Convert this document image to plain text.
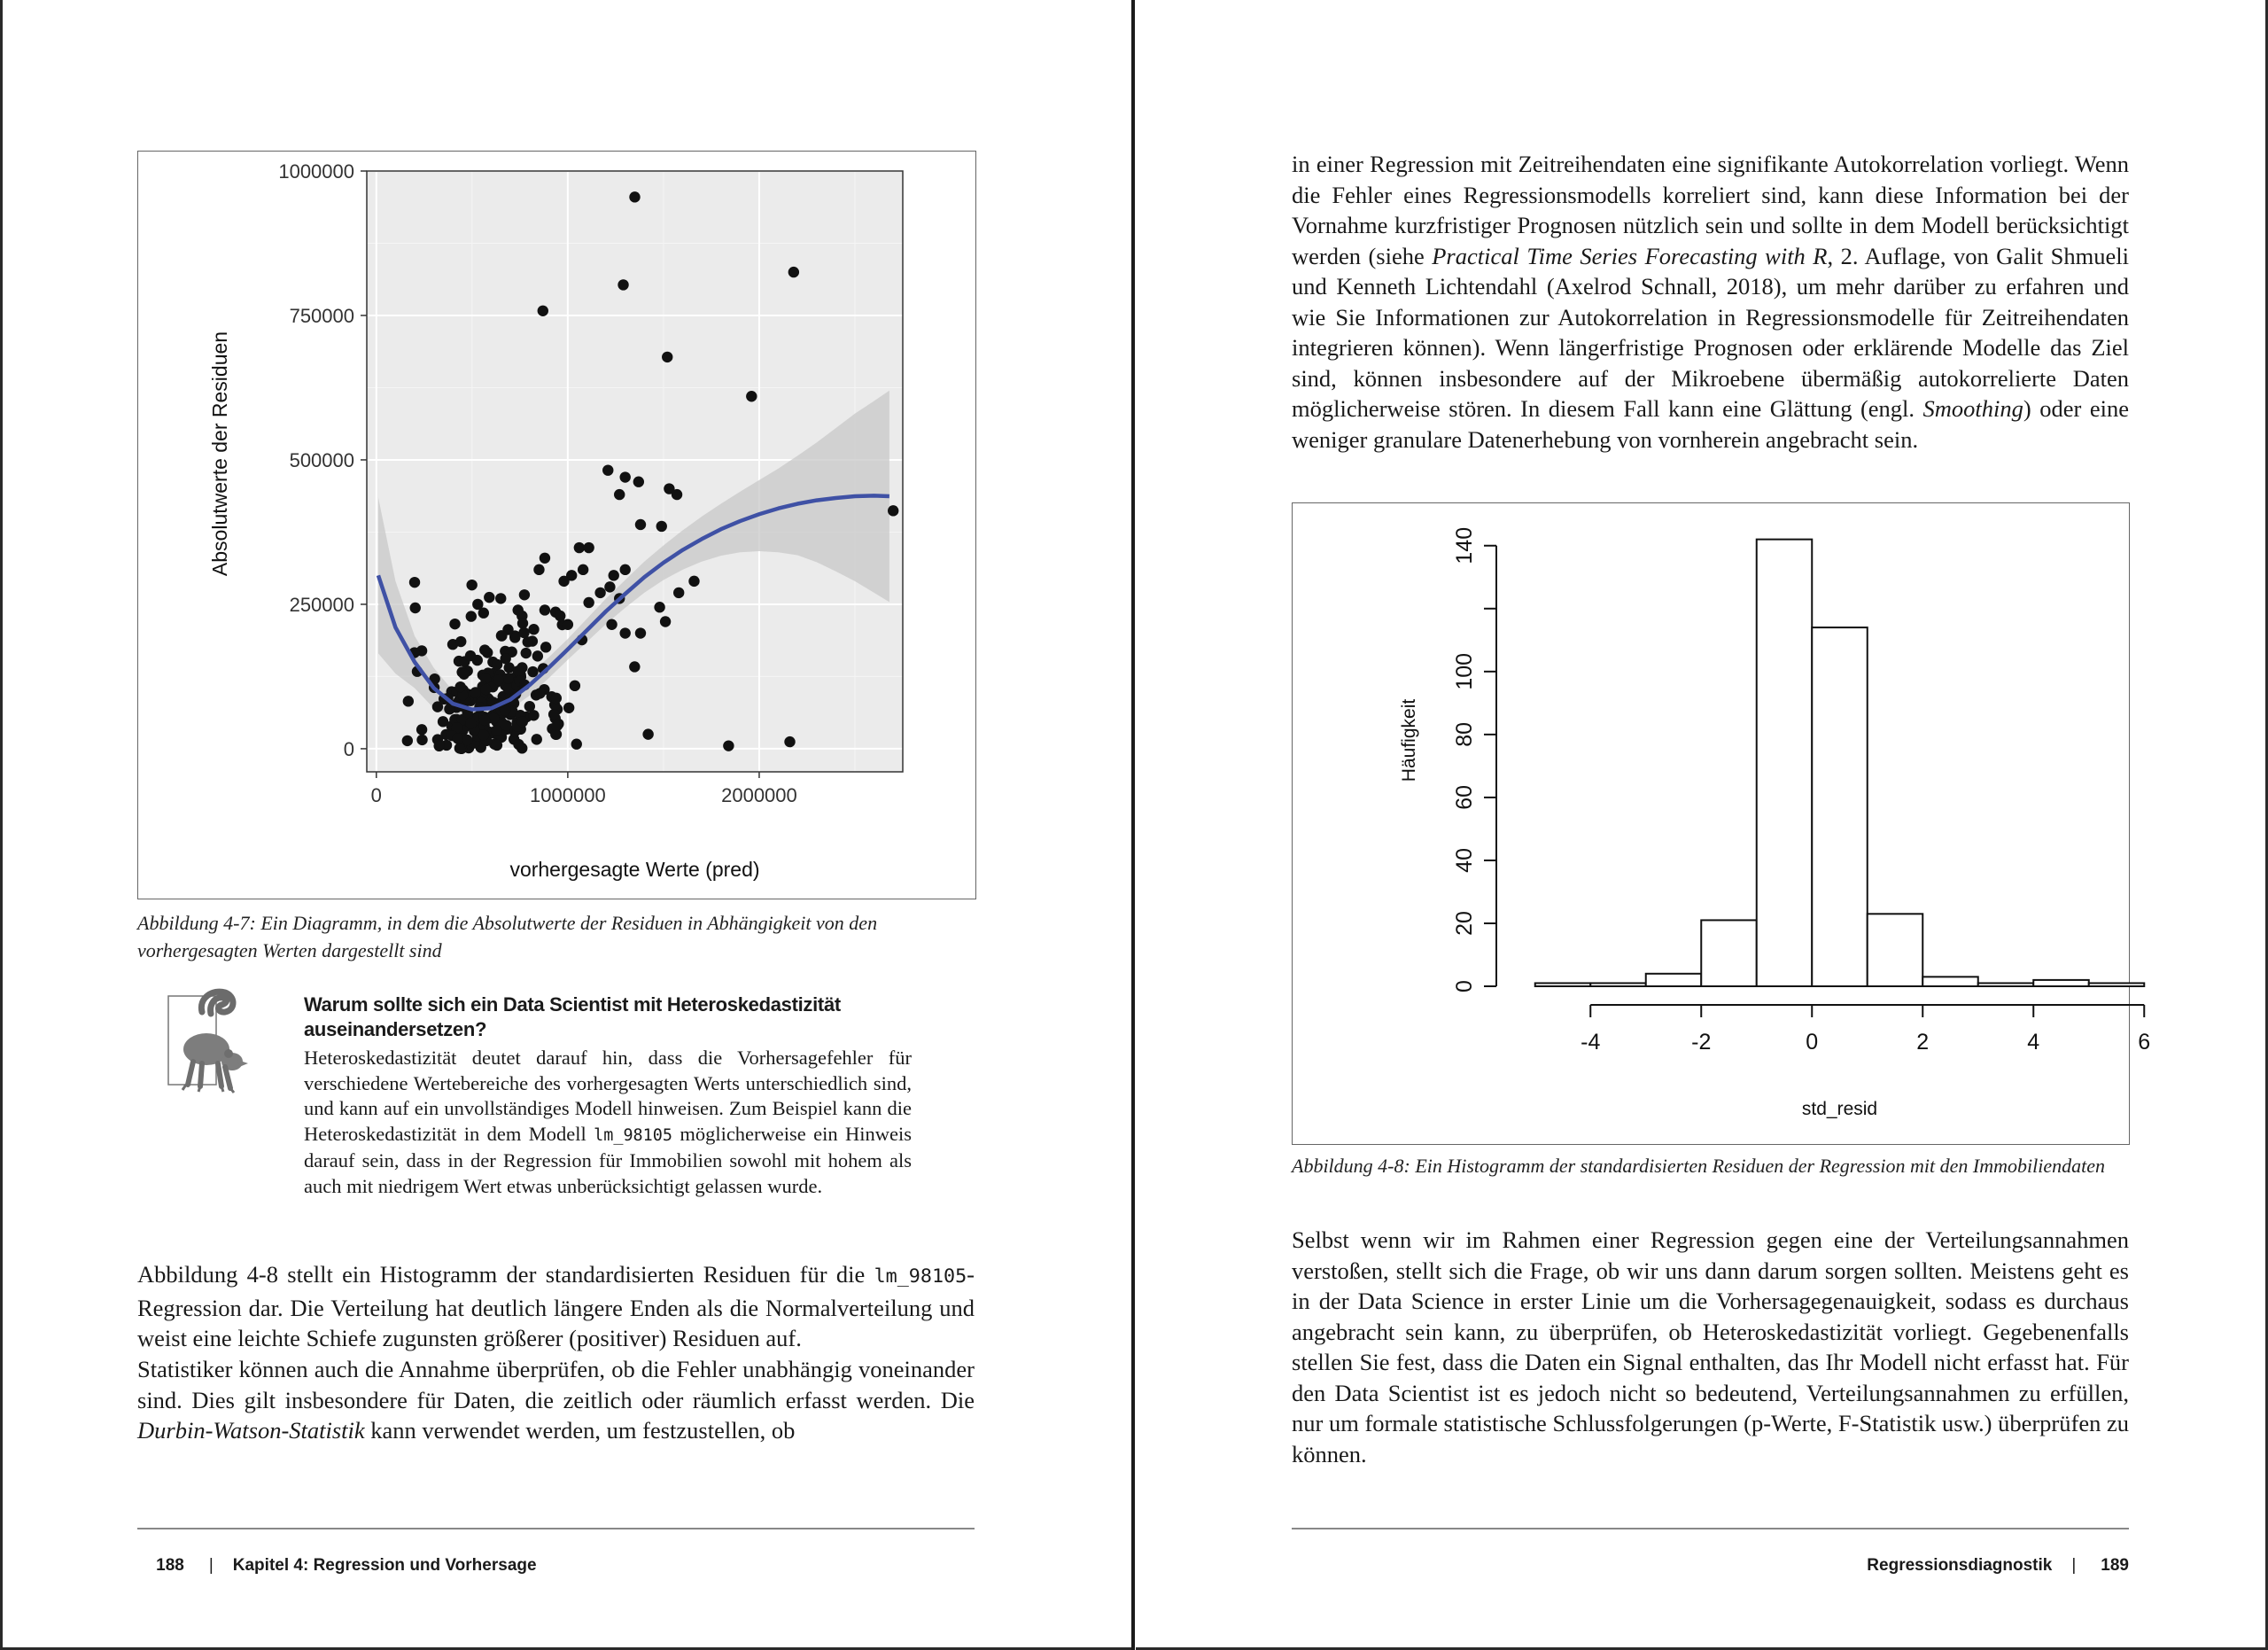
0
250000
500000
750000
1000000
0	1000000	2000000
vorhergesagte Werte (pred)
Absolutwerte der Residuen
Abbildung 4-7: Ein Diagramm, in dem die Absolutwerte der Residuen in Abhängigkeit von den vorhergesagten Werten dargestellt sind
Warum sollte sich ein Data Scientist mit Heteroskedastizität auseinandersetzen?

Heteroskedastizität deutet darauf hin, dass die Vorhersagefehler für verschiedene Wertebereiche des vorhergesagten Werts unterschiedlich sind, und kann auf ein unvollständiges Modell hinweisen. Zum Beispiel kann die Heteroskedastizität in dem Modell lm_98105 möglicherweise ein Hinweis darauf sein, dass in der Regression für Immobilien sowohl mit hohem als auch mit niedrigem Wert etwas unberücksichtigt gelassen wurde.

Abbildung 4-8 stellt ein Histogramm der standardisierten Residuen für die lm_98105-Regression dar. Die Verteilung hat deutlich längere Enden als die Normalverteilung und weist eine leichte Schiefe zugunsten größerer (positiver) Residuen auf.

Statistiker können auch die Annahme überprüfen, ob die Fehler unabhängig voneinander sind. Dies gilt insbesondere für Daten, die zeitlich oder räumlich erfasst werden. Die Durbin-Watson-Statistik kann verwendet werden, um festzustellen, ob

188 | Kapitel 4: Regression und Vorhersage

in einer Regression mit Zeitreihendaten eine signifikante Autokorrelation vorliegt. Wenn die Fehler eines Regressionsmodells korreliert sind, kann diese Information bei der Vornahme kurzfristiger Prognosen nützlich sein und sollte in dem Modell berücksichtigt werden (siehe Practical Time Series Forecasting with R, 2. Auflage, von Galit Shmueli und Kenneth Lichtendahl (Axelrod Schnall, 2018), um mehr darüber zu erfahren und wie Sie Informationen zur Autokorrelation in Regressionsmodelle für Zeitreihendaten integrieren können). Wenn längerfristige Prognosen oder erklärende Modelle das Ziel sind, können insbesondere auf der Mikroebene übermäßig autokorrelierte Daten möglicherweise stören. In diesem Fall kann eine Glättung (engl. Smoothing) oder eine weniger granulare Datenerhebung von vornherein angebracht sein.

0
20
40
60
80
100
140
-4	-2	0	2	4	6
std_resid
Häufigkeit
Abbildung 4-8: Ein Histogramm der standardisierten Residuen der Regression mit den Immobiliendaten

Selbst wenn wir im Rahmen einer Regression gegen eine der Verteilungsannahmen verstoßen, stellt sich die Frage, ob wir uns dann darum sorgen sollten. Meistens geht es in der Data Science in erster Linie um die Vorhersagegenauigkeit, sodass es durchaus angebracht sein kann, zu überprüfen, ob Heteroskedastizität vorliegt. Gegebenenfalls stellen Sie fest, dass die Daten ein Signal enthalten, das Ihr Modell nicht erfasst hat. Für den Data Scientist ist es jedoch nicht so bedeutend, Verteilungsannahmen zu erfüllen, nur um formale statistische Schlussfolgerungen (p-Werte, F-Statistik usw.) überprüfen zu können.

Regressionsdiagnostik | 189
